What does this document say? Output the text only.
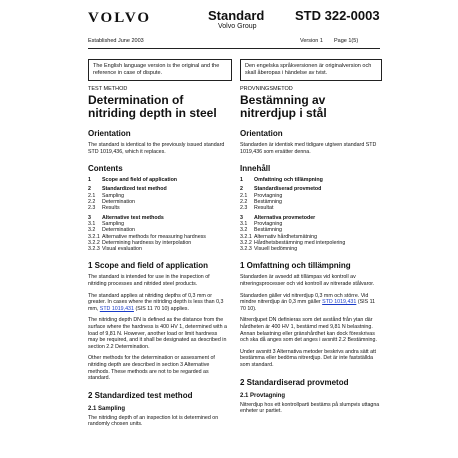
VOLVO	Standard
Volvo Group
STD 322-0003
Established June 2003	Version 1 Page 1(5)
The English language version is the original and the reference in case of dispute.
Den engelska språkversionen är originalversion och skall åberopas i händelse av tvist.
TEST METHOD
Determination of nitriding depth in steel
Orientation
The standard is identical to the previously issued standard STD 1019,436, which it replaces.
Contents
1	Scope and field of application
2	Standardized test method
2.1	Sampling
2.2	Determination
2.3	Results
3	Alternative test methods
3.1	Sampling
3.2	Determination
3.2.1 Alternative methods for measuring hardness
3.2.2 Determining hardness by interpolation
3.2.3 Visual evaluation
1 Scope and field of application
The standard is intended for use in the inspection of nitriding processes and nitrided steel products.
The standard applies at nitriding depths of 0,3 mm or greater. In cases where the nitriding depth is less than 0,3 mm, STD 1019,431 (SIS 11 70 10) applies.
The nitriding depth DN is defined as the distance from the surface where the hardness is 400 HV 1, determined with a load of 9,81 N. However, another load or limit hardness may be required, and it shall be designated as described in section 2.2 Determination.
Other methods for the determination or assessment of nitriding depth are described in section 3 Alternative methods. These methods are not to be regarded as standard.
2 Standardized test method
2.1 Sampling
The nitriding depth of an inspection lot is determined on randomly chosen units.
PROVNINGSMETOD
Bestämning av nitrerdjup i stål
Orientation
Standarden är identisk med tidigare utgiven standard STD 1019,436 som ersätter denna.
Innehåll
1	Omfattning och tillämpning
2	Standardiserad provmetod
2.1	Provtagning
2.2	Bestämning
2.3	Resultat
3	Alternativa provmetoder
3.1	Provtagning
3.2	Bestämning
3.2.1 Alternativ hårdhetsmätning
3.2.2 Hårdhetsbestämning med interpolering
3.2.3 Visuell bedömning
1 Omfattning och tillämpning
Standarden är avsedd att tillämpas vid kontroll av nitreringsprocesser och vid kontroll av nitrerade stålvaror.
Standarden gäller vid nitrerdjup 0,3 mm och större. Vid mindre nitrerdjup än 0,3 mm gäller STD 1019,431 (SIS 11 70 10).
Nitrerdjupet DN definieras som det avstånd från ytan där hårdheten är 400 HV 1, bestämd med 9,81 N belastning. Annan belastning eller gränshårdhet kan dock föreskrivas och ska då anges som det anges i avsnitt 2.2 Bestämning.
Under avsnitt 3 Alternativa metoder beskrivs andra sätt att bestämma eller bedöma nitrerdjup. Det är inte fastställda som standard.
2 Standardiserad provmetod
2.1 Provtagning
Nitrerdjup hos ett kontrollparti bestäms på slumpvis uttagna enheter ur partiet.
